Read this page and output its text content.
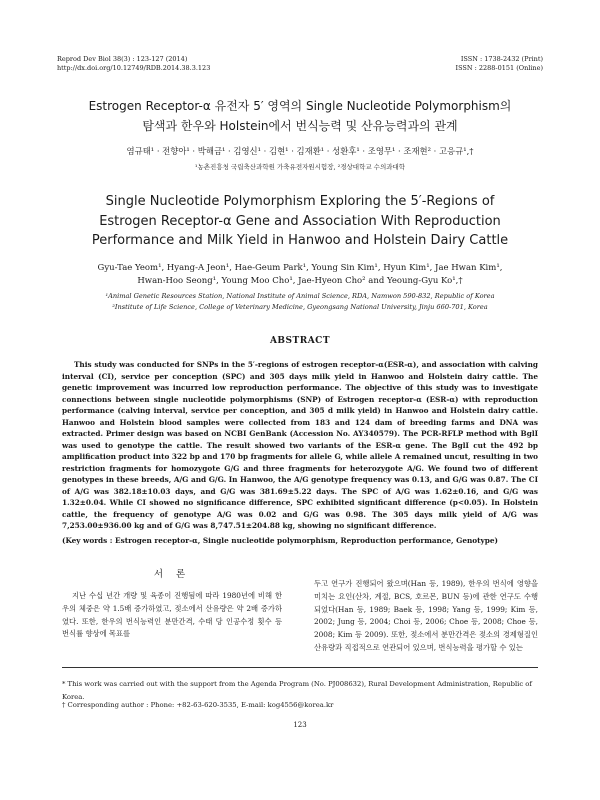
Reprod Dev Biol 38(3) : 123-127 (2014)
http://dx.doi.org/10.12749/RDB.2014.38.3.123
ISSN : 1738-2432 (Print)
ISSN : 2288-0151 (Online)
Estrogen Receptor-α 유전자 5′ 영역의 Single Nucleotide Polymorphism의
탐색과 한우와 Holstein에서 번식능력 및 산유능력과의 관계
염규태¹ · 전향아¹ · 박해금¹ · 김영신¹ · 김현¹ · 김재환¹ · 성환후¹ · 조영무¹ · 조재현² · 고응규¹,†
¹농촌진흥청 국립축산과학원 가축유전자원시험장, ²경상대학교 수의과대학
Single Nucleotide Polymorphism Exploring the 5′-Regions of
Estrogen Receptor-α Gene and Association With Reproduction
Performance and Milk Yield in Hanwoo and Holstein Dairy Cattle
Gyu-Tae Yeom¹, Hyang-A Jeon¹, Hae-Geum Park¹, Young Sin Kim¹, Hyun Kim¹, Jae Hwan Kim¹,
Hwan-Hoo Seong¹, Young Moo Cho¹, Jae-Hyeon Cho² and Yeoung-Gyu Ko¹,†
¹Animal Genetic Resources Station, National Institute of Animal Science, RDA, Namwon 590-832, Republic of Korea
²Institute of Life Science, College of Veterinary Medicine, Gyeongsang National University, Jinju 660-701, Korea
ABSTRACT

This study was conducted for SNPs in the 5′-regions of estrogen receptor-α(ESR-α), and association with calving interval (CI), service per conception (SPC) and 305 days milk yield in Hanwoo and Holstein dairy cattle. The genetic improvement was incurred low reproduction performance. The objective of this study was to investigate connections between single nucleotide polymorphisms (SNP) of Estrogen receptor-α (ESR-α) with reproduction performance (calving interval, service per conception, and 305 d milk yield) in Hanwoo and Holstein dairy cattle. Hanwoo and Holstein blood samples were collected from 183 and 124 dam of breeding farms and DNA was extracted. Primer design was based on NCBI GenBank (Accession No. AY340579). The PCR-RFLP method with BglI was used to genotype the cattle. The result showed two variants of the ESR-α gene. The BglI cut the 492 bp amplification product into 322 bp and 170 bp fragments for allele G, while allele A remained uncut, resulting in two restriction fragments for homozygote G/G and three fragments for heterozygote A/G. We found two of different genotypes in these breeds, A/G and G/G. In Hanwoo, the A/G genotype frequency was 0.13, and G/G was 0.87. The CI of A/G was 382.18±10.03 days, and G/G was 381.69±5.22 days. The SPC of A/G was 1.62±0.16, and G/G was 1.32±0.04. While CI showed no significance difference, SPC exhibited significant difference (p<0.05). In Holstein cattle, the frequency of genotype A/G was 0.02 and G/G was 0.98. The 305 days milk yield of A/G was 7,253.00±936.00 kg and of G/G was 8,747.51±204.88 kg, showing no significant difference.

(Key words : Estrogen receptor-α, Single nucleotide polymorphism, Reproduction performance, Genotype)
서 론

지난 수십 년간 개량 및 육종이 진행됨에 따라 1980년에 비해 한우의 체중은 약 1.5배 증가하였고, 젖소에서 산유량은 약 2배 증가하였다. 또한, 한우의 번식능력인 분만간격, 수태 당 인공수정 횟수 등 번식률 향상에 목표를

두고 연구가 진행되어 왔으며(Han 등, 1989), 한우의 번식에 영향을 미치는 요인(산차, 계절, BCS, 호르몬, BUN 등)에 관한 연구도 수행되었다(Han 등, 1989; Baek 등, 1998; Yang 등, 1999; Kim 등, 2002; Jung 등, 2004; Choi 등, 2006; Choe 등, 2008; Choe 등, 2008; Kim 등 2009). 또한, 젖소에서 분만간격은 젖소의 경제형질인 산유량과 직접적으로 연관되어 있으며, 번식능력을 평가할 수 있는

* This work was carried out with the support from the Agenda Program (No. PJ008632), Rural Development Administration, Republic of Korea.
† Corresponding author : Phone: +82-63-620-3535, E-mail: kog4556@korea.kr
123
